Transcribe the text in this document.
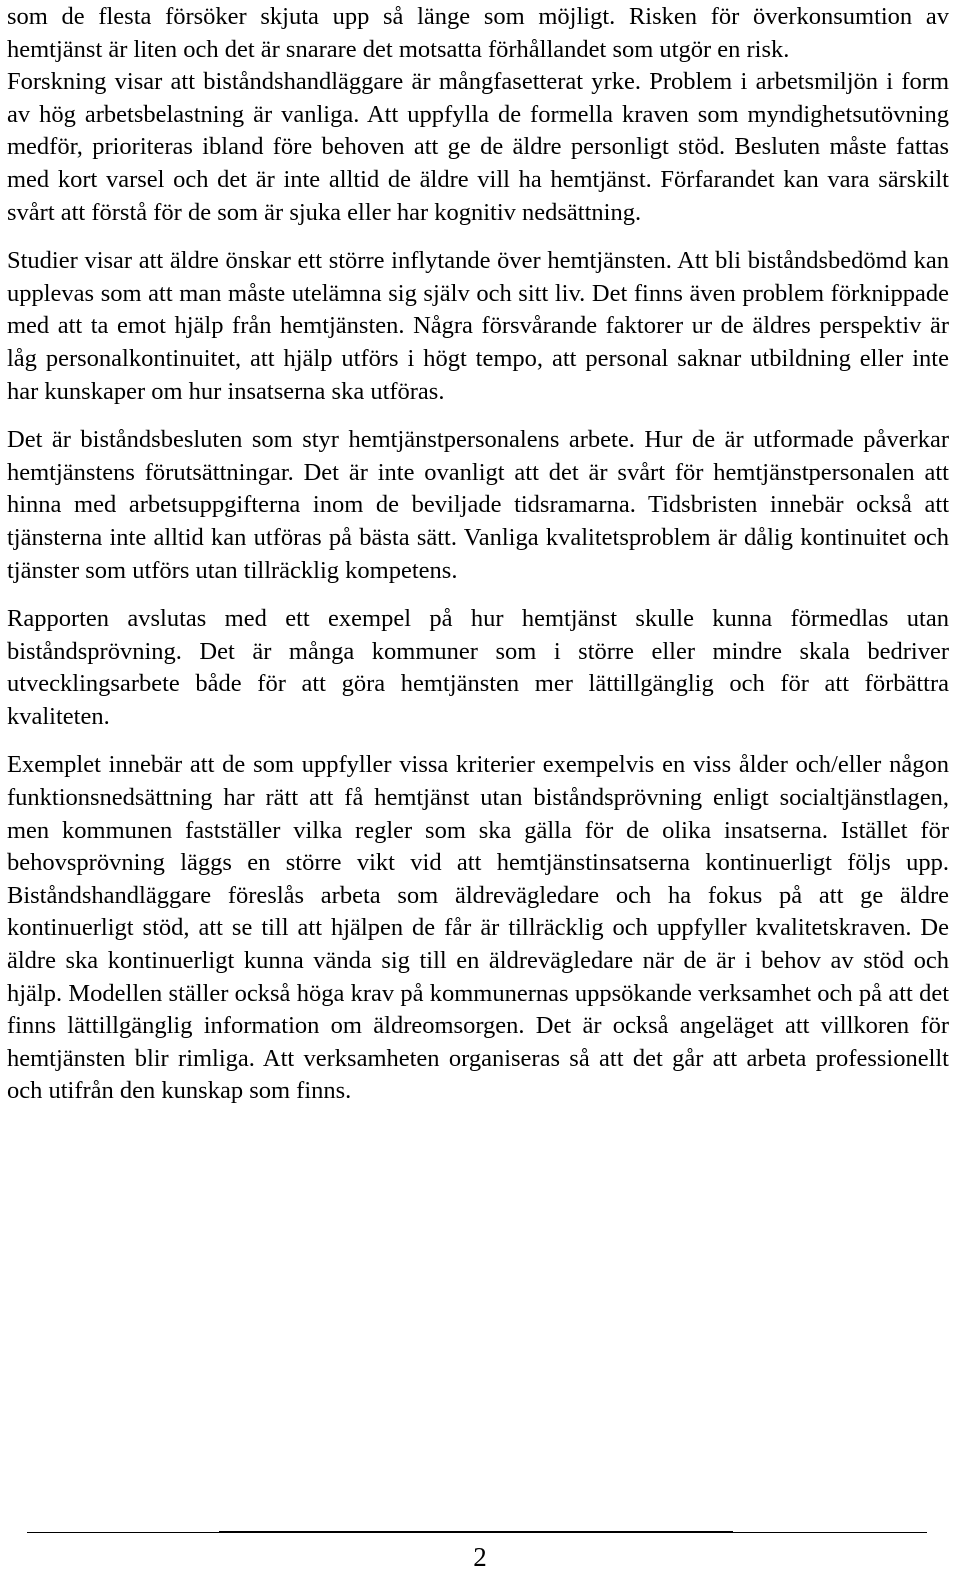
som de flesta försöker skjuta upp så länge som möjligt. Risken för överkonsumtion av hemtjänst är liten och det är snarare det motsatta förhållandet som utgör en risk.

Forskning visar att biståndshandläggare är mångfasetterat yrke. Problem i arbetsmiljön i form av hög arbetsbelastning är vanliga. Att uppfylla de formella kraven som myndighetsutövning medför, prioriteras ibland före behoven att ge de äldre personligt stöd. Besluten måste fattas med kort varsel och det är inte alltid de äldre vill ha hemtjänst. Förfarandet kan vara särskilt svårt att förstå för de som är sjuka eller har kognitiv nedsättning.

Studier visar att äldre önskar ett större inflytande över hemtjänsten. Att bli biståndsbedömd kan upplevas som att man måste utelämna sig själv och sitt liv. Det finns även problem förknippade med att ta emot hjälp från hemtjänsten. Några försvårande faktorer ur de äldres perspektiv är låg personalkontinuitet, att hjälp utförs i högt tempo, att personal saknar utbildning eller inte har kunskaper om hur insatserna ska utföras.

Det är biståndsbesluten som styr hemtjänstpersonalens arbete. Hur de är utformade påverkar hemtjänstens förutsättningar. Det är inte ovanligt att det är svårt för hemtjänstpersonalen att hinna med arbetsuppgifterna inom de beviljade tidsramarna. Tidsbristen innebär också att tjänsterna inte alltid kan utföras på bästa sätt. Vanliga kvalitetsproblem är dålig kontinuitet och tjänster som utförs utan tillräcklig kompetens.

Rapporten avslutas med ett exempel på hur hemtjänst skulle kunna förmedlas utan biståndsprövning. Det är många kommuner som i större eller mindre skala bedriver utvecklingsarbete både för att göra hemtjänsten mer lättillgänglig och för att förbättra kvaliteten.

Exemplet innebär att de som uppfyller vissa kriterier exempelvis en viss ålder och/eller någon funktionsnedsättning har rätt att få hemtjänst utan biståndsprövning enligt socialtjänstlagen, men kommunen fastställer vilka regler som ska gälla för de olika insatserna. Istället för behovsprövning läggs en större vikt vid att hemtjänstinsatserna kontinuerligt följs upp. Biståndshandläggare föreslås arbeta som äldrevägledare och ha fokus på att ge äldre kontinuerligt stöd, att se till att hjälpen de får är tillräcklig och uppfyller kvalitetskraven. De äldre ska kontinuerligt kunna vända sig till en äldrevägledare när de är i behov av stöd och hjälp. Modellen ställer också höga krav på kommunernas uppsökande verksamhet och på att det finns lättillgänglig information om äldreomsorgen. Det är också angeläget att villkoren för hemtjänsten blir rimliga. Att verksamheten organiseras så att det går att arbeta professionellt och utifrån den kunskap som finns.

2
